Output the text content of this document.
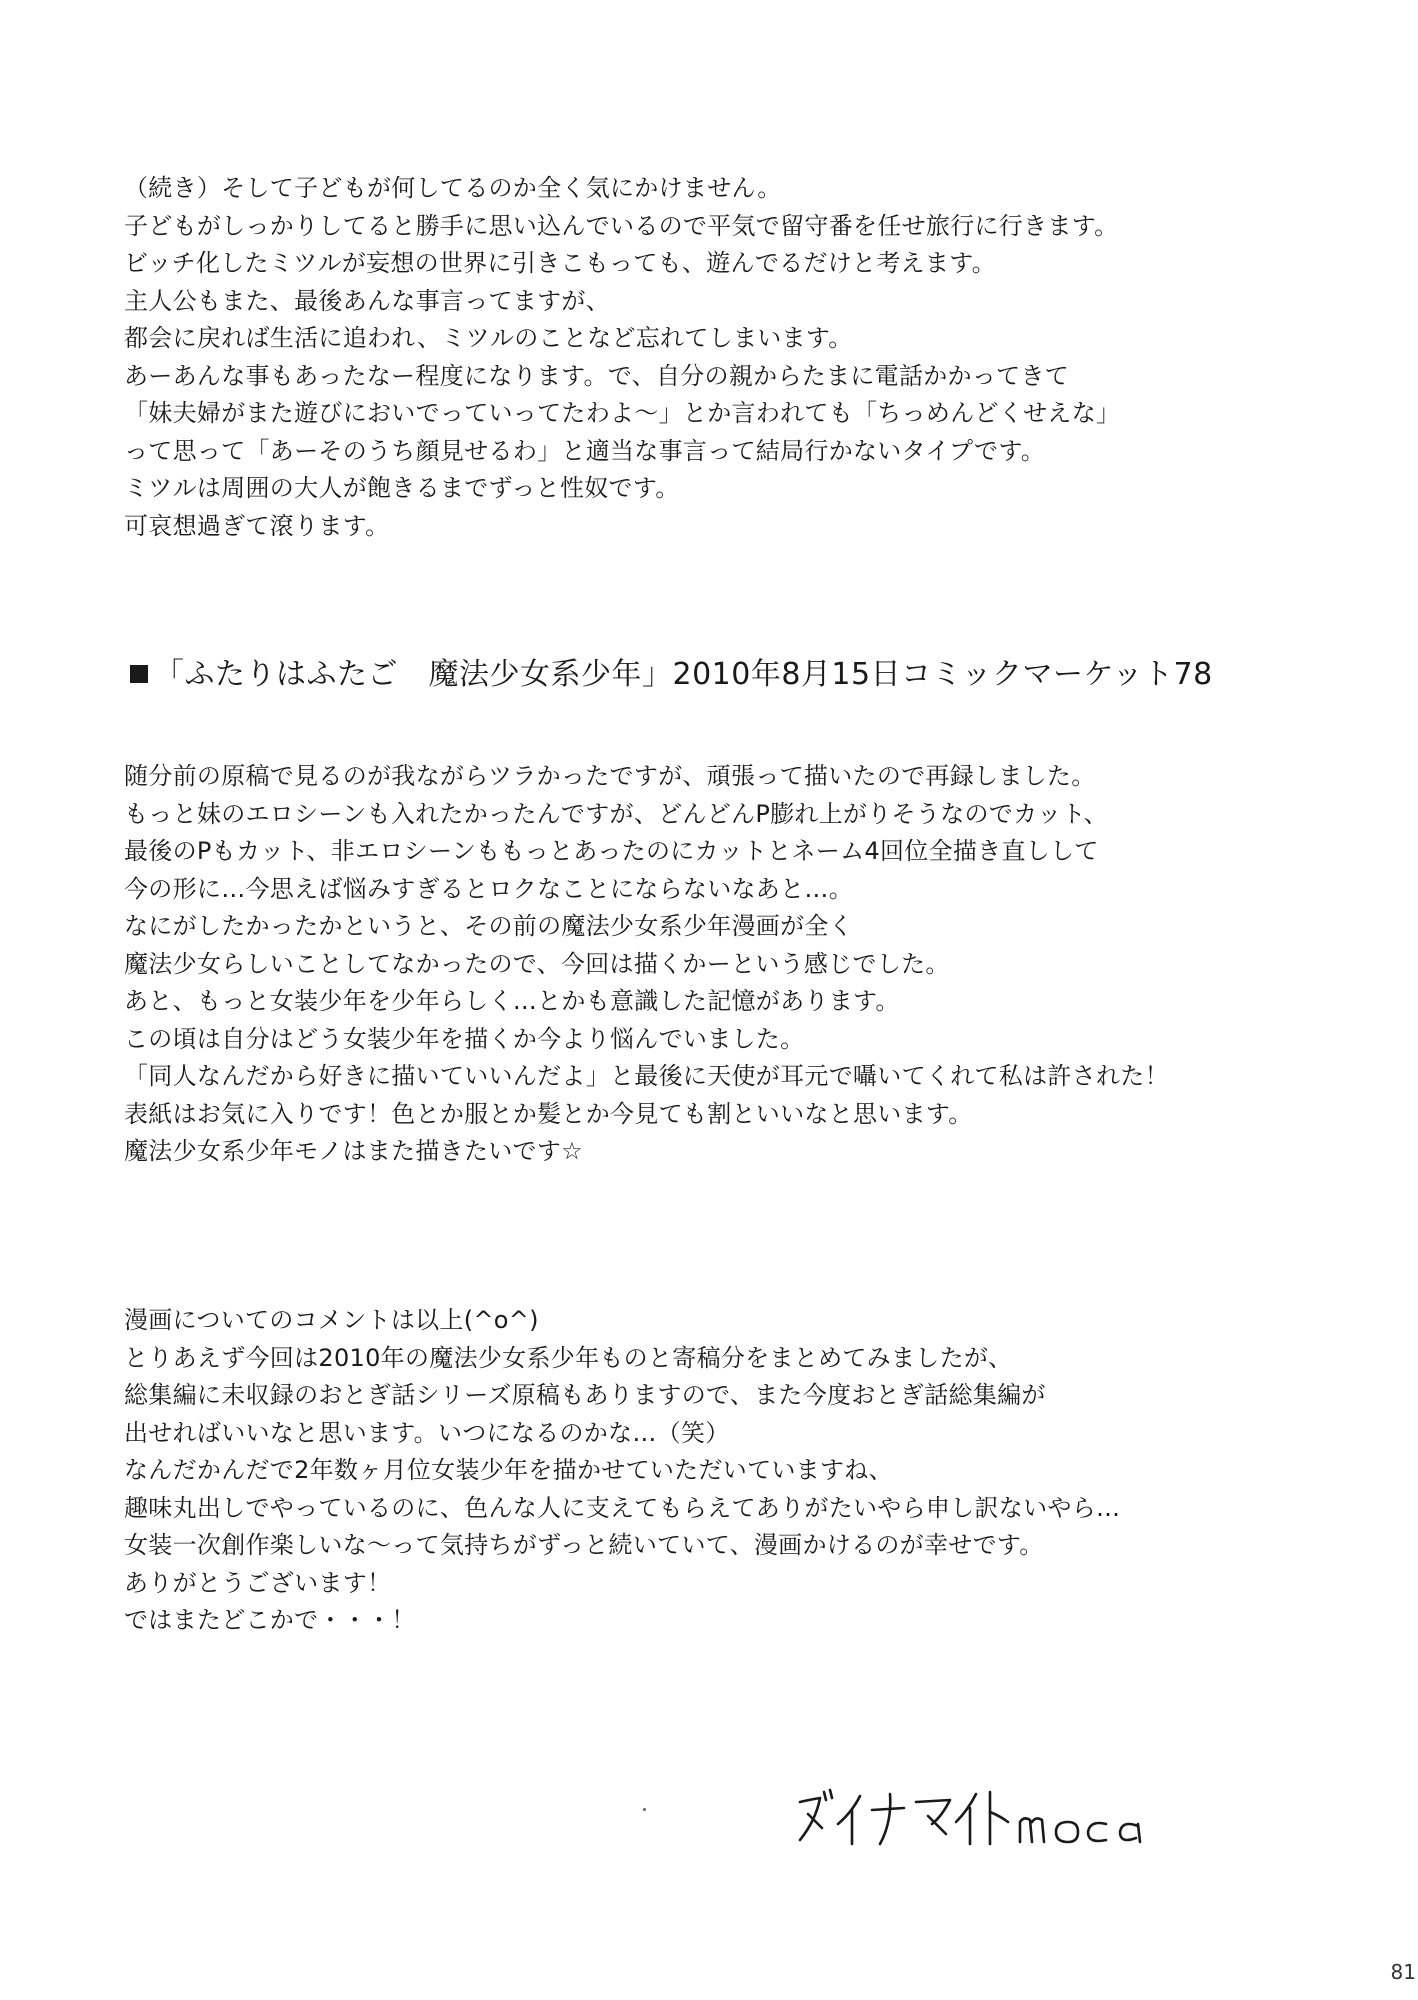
（続き）そして子どもが何してるのか全く気にかけません。
子どもがしっかりしてると勝手に思い込んでいるので平気で留守番を任せ旅行に行きます。
ビッチ化したミツルが妄想の世界に引きこもっても、遊んでるだけと考えます。
主人公もまた、最後あんな事言ってますが、
都会に戻れば生活に追われ、ミツルのことなど忘れてしまいます。
あーあんな事もあったなー程度になります。で、自分の親からたまに電話かかってきて
「妹夫婦がまた遊びにおいでっていってたわよ～」とか言われても「ちっめんどくせえな」
って思って「あーそのうち顔見せるわ」と適当な事言って結局行かないタイプです。
ミツルは周囲の大人が飽きるまでずっと性奴です。
可哀想過ぎて滾ります。
「ふたりはふたご　魔法少女系少年」2010年8月15日コミックマーケット78
随分前の原稿で見るのが我ながらツラかったですが、頑張って描いたので再録しました。
もっと妹のエロシーンも入れたかったんですが、どんどんP膨れ上がりそうなのでカット、
最後のPもカット、非エロシーンももっとあったのにカットとネーム4回位全描き直しして
今の形に…今思えば悩みすぎるとロクなことにならないなあと…。
なにがしたかったかというと、その前の魔法少女系少年漫画が全く
魔法少女らしいことしてなかったので、今回は描くかーという感じでした。
あと、もっと女装少年を少年らしく…とかも意識した記憶があります。
この頃は自分はどう女装少年を描くか今より悩んでいました。
「同人なんだから好きに描いていいんだよ」と最後に天使が耳元で囁いてくれて私は許された！
表紙はお気に入りです！色とか服とか髪とか今見ても割といいなと思います。
魔法少女系少年モノはまた描きたいです☆
漫画についてのコメントは以上(^o^)
とりあえず今回は2010年の魔法少女系少年ものと寄稿分をまとめてみましたが、
総集編に未収録のおとぎ話シリーズ原稿もありますので、また今度おとぎ話総集編が
出せればいいなと思います。いつになるのかな…（笑）
なんだかんだで2年数ヶ月位女装少年を描かせていただいていますね、
趣味丸出しでやっているのに、色んな人に支えてもらえてありがたいやら申し訳ないやら…
女装一次創作楽しいな～って気持ちがずっと続いていて、漫画かけるのが幸せです。
ありがとうございます！
ではまたどこかで・・・！
81
